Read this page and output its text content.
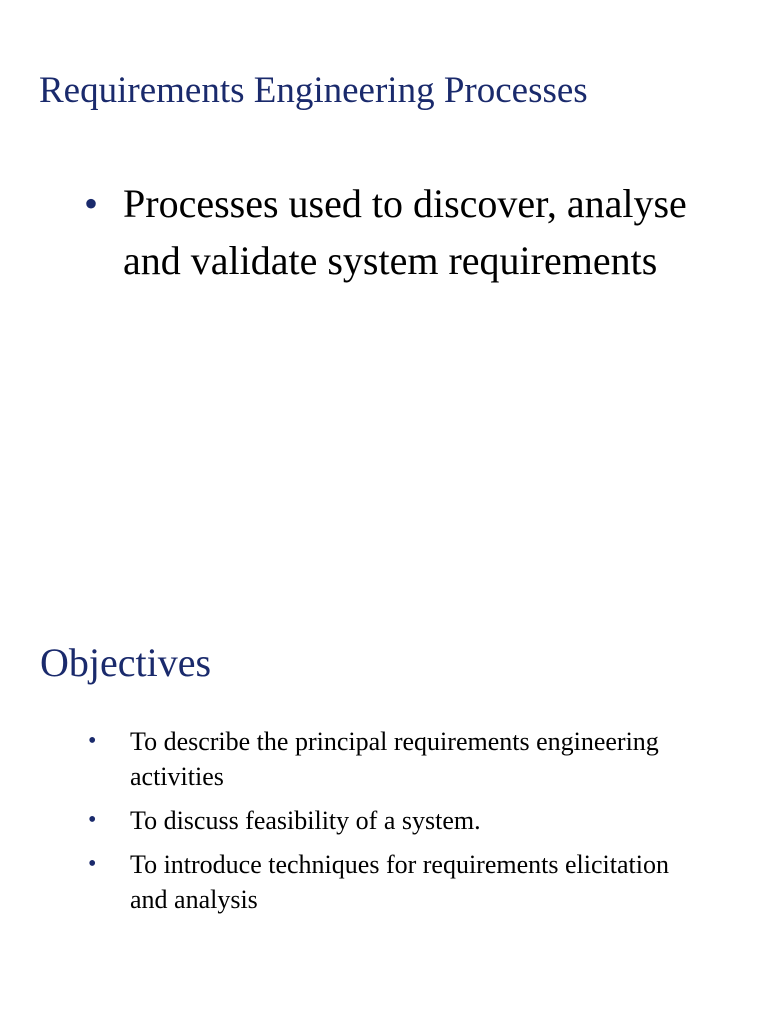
Requirements Engineering Processes
• Processes used to discover, analyse and validate system requirements
Objectives
• To describe the principal requirements engineering activities
• To discuss feasibility of a system.
• To introduce techniques for requirements elicitation and analysis
